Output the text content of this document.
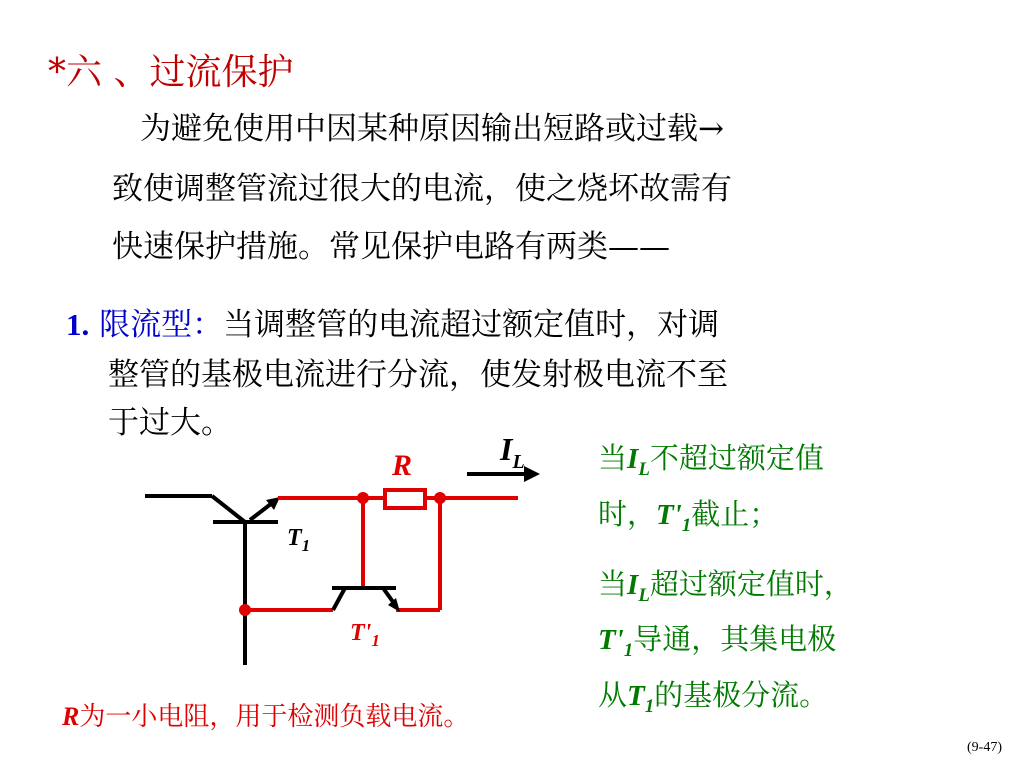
*六 、过流保护
为避免使用中因某种原因输出短路或过载→
致使调整管流过很大的电流，使之烧坏故需有
快速保护措施。常见保护电路有两类——
1. 限流型：当调整管的电流超过额定值时，对调
整管的基极电流进行分流，使发射极电流不至
于过大。
R	$I_L$
$T_1$
$T'_1$
当$I_L$不超过额定值
时，$T'_1$截止；
当$I_L$超过额定值时，
$T'_1$导通，其集电极
从$T_1$的基极分流。
R为一小电阻，用于检测负载电流。
(9-47)
